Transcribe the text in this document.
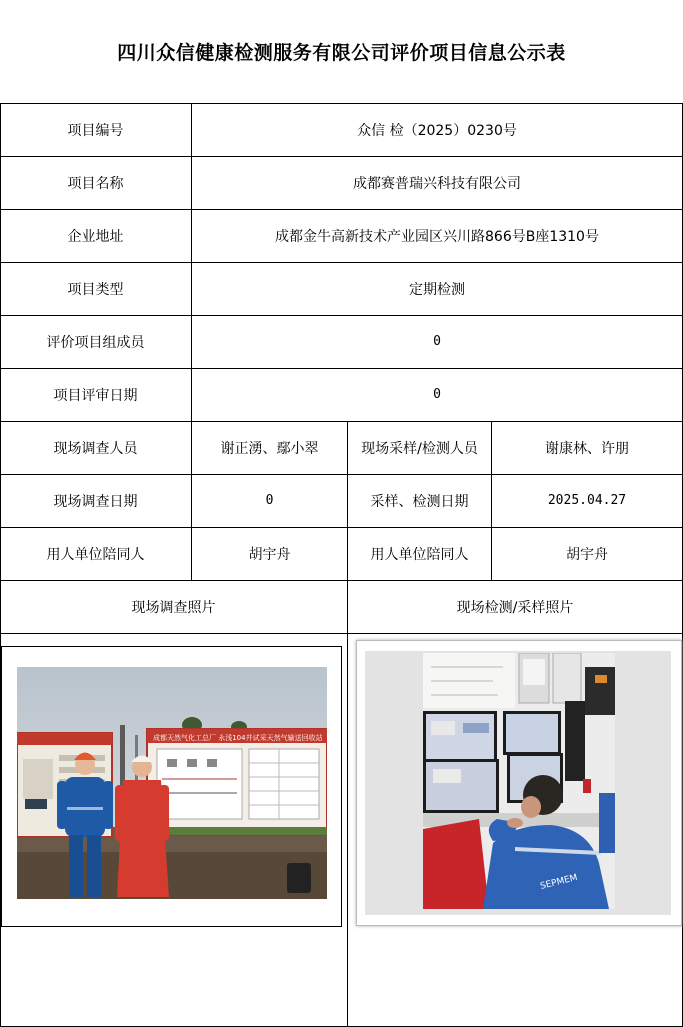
四川众信健康检测服务有限公司评价项目信息公示表
项目编号	众信 检（2025）0230号
项目名称	成都赛普瑞兴科技有限公司
企业地址	成都金牛高新技术产业园区兴川路866号B座1310号
项目类型	定期检测
评价项目组成员	0
项目评审日期	0
现场调查人员	谢正湧、鄢小翠	现场采样/检测人员	谢康林、许朋
现场调查日期	0	采样、检测日期	2025.04.27
用人单位陪同人	胡宇舟	用人单位陪同人	胡宇舟
现场调查照片	现场检测/采样照片
成都天然气化工总厂 永浅104井试采天然气输送回收站
SEPMEM
